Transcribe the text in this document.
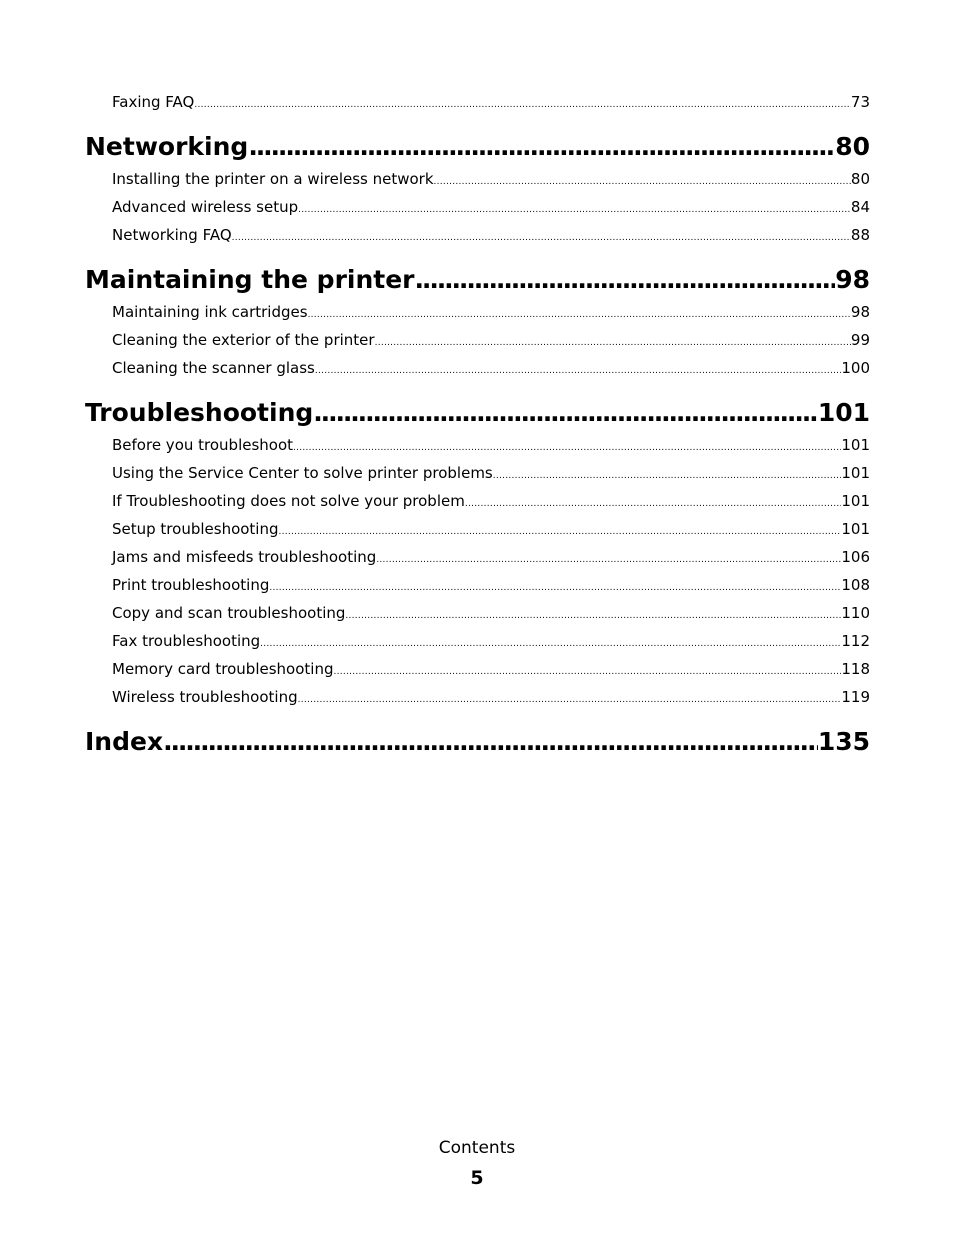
Faxing FAQ . . .	73
Networking . . .	80
Installing the printer on a wireless network . . .	80
Advanced wireless setup . . .	84
Networking FAQ . . .	88
Maintaining the printer . . .	98
Maintaining ink cartridges . . .	98
Cleaning the exterior of the printer . . .	99
Cleaning the scanner glass . . .	100
Troubleshooting . . .	101
Before you troubleshoot . . .	101
Using the Service Center to solve printer problems . . .	101
If Troubleshooting does not solve your problem . . .	101
Setup troubleshooting . . .	101
Jams and misfeeds troubleshooting . . .	106
Print troubleshooting . . .	108
Copy and scan troubleshooting . . .	110
Fax troubleshooting . . .	112
Memory card troubleshooting . . .	118
Wireless troubleshooting . . .	119
Index . . .	135
Contents
5
